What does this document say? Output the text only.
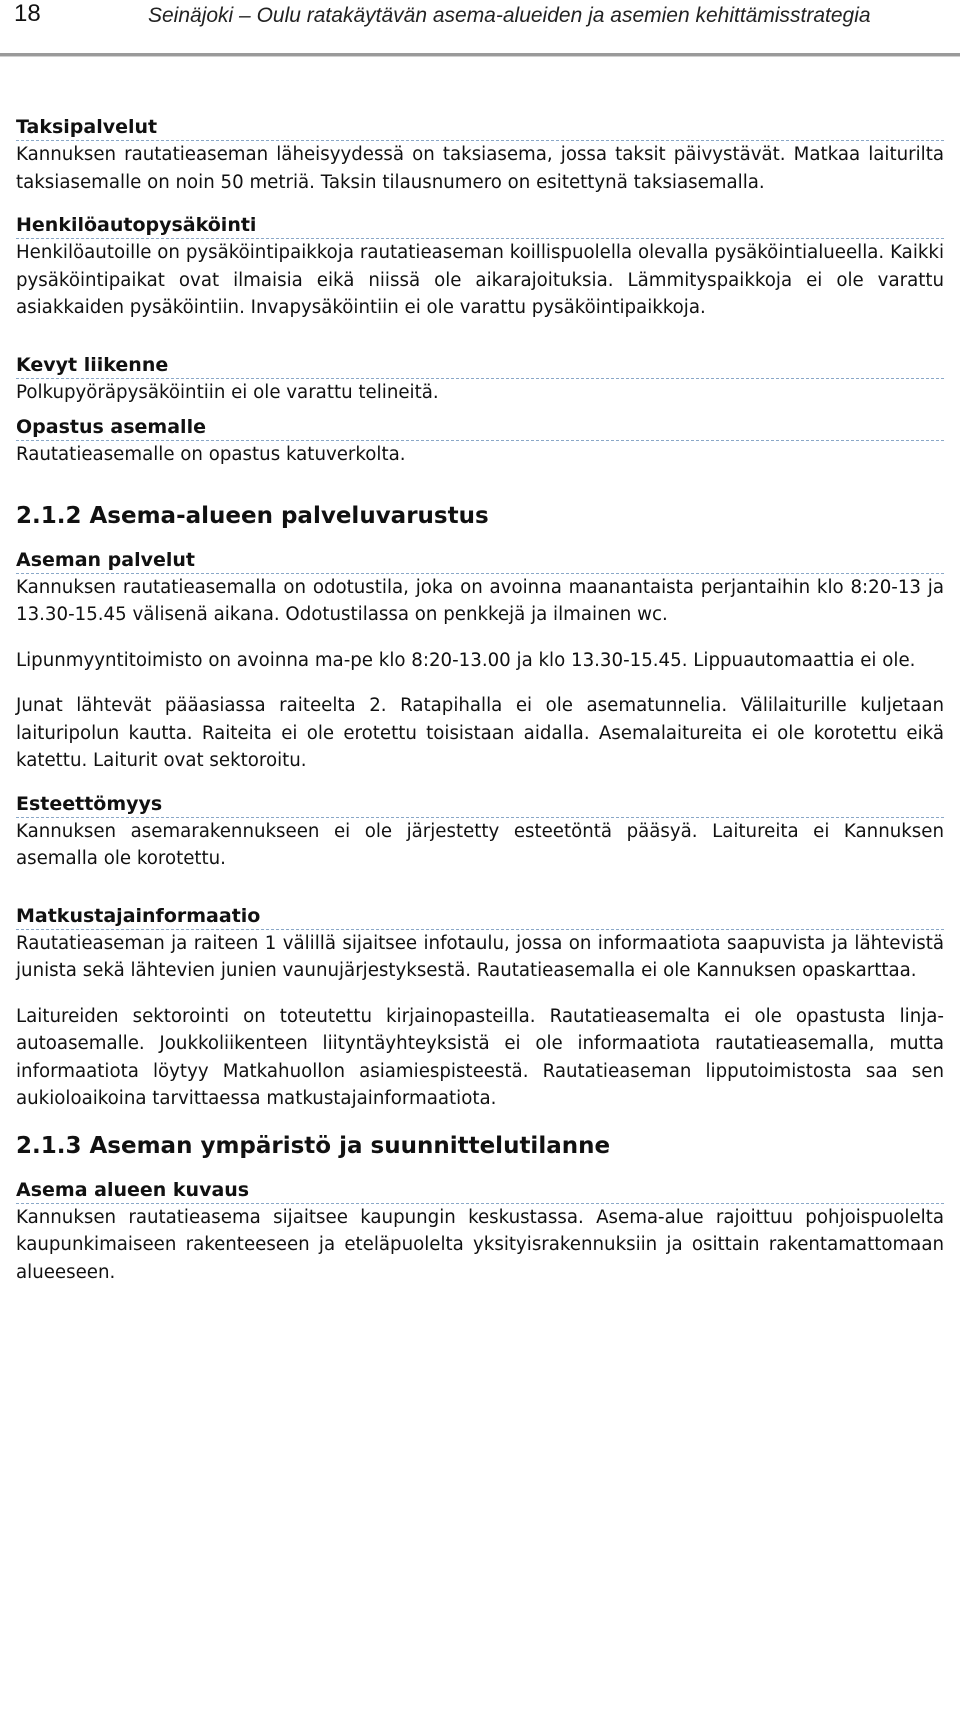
18	Seinäjoki – Oulu ratakäytävän asema-alueiden ja asemien kehittämisstrategia
Taksipalvelut

Kannuksen rautatieaseman läheisyydessä on taksiasema, jossa taksit päivystävät. Matkaa laiturilta taksiasemalle on noin 50 metriä. Taksin tilausnumero on esitettynä taksiasemalla.

Henkilöautopysäköinti

Henkilöautoille on pysäköintipaikkoja rautatieaseman koillispuolella olevalla pysäköintialueella. Kaikki pysäköintipaikat ovat ilmaisia eikä niissä ole aikarajoituksia. Lämmityspaikkoja ei ole varattu asiakkaiden pysäköintiin. Invapysäköintiin ei ole varattu pysäköintipaikkoja.

Kevyt liikenne

Polkupyöräpysäköintiin ei ole varattu telineitä.

Opastus asemalle

Rautatieasemalle on opastus katuverkolta.

2.1.2 Asema-alueen palveluvarustus
Aseman palvelut

Kannuksen rautatieasemalla on odotustila, joka on avoinna maanantaista perjantaihin klo 8:20-13 ja 13.30-15.45 välisenä aikana. Odotustilassa on penkkejä ja ilmainen wc.

Lipunmyyntitoimisto on avoinna ma-pe klo 8:20-13.00 ja klo 13.30-15.45. Lippuautomaattia ei ole.

Junat lähtevät pääasiassa raiteelta 2. Ratapihalla ei ole asematunnelia. Välilaiturille kuljetaan laituripolun kautta. Raiteita ei ole erotettu toisistaan aidalla. Asemalaitureita ei ole korotettu eikä katettu. Laiturit ovat sektoroitu.

Esteettömyys

Kannuksen asemarakennukseen ei ole järjestetty esteetöntä pääsyä. Laitureita ei Kannuksen asemalla ole korotettu.

Matkustajainformaatio

Rautatieaseman ja raiteen 1 välillä sijaitsee infotaulu, jossa on informaatiota saapuvista ja lähtevistä junista sekä lähtevien junien vaunujärjestyksestä. Rautatieasemalla ei ole Kannuksen opaskarttaa.

Laitureiden sektorointi on toteutettu kirjainopasteilla. Rautatieasemalta ei ole opastusta linja-autoasemalle. Joukkoliikenteen liityntäyhteyksistä ei ole informaatiota rautatieasemalla, mutta informaatiota löytyy Matkahuollon asiamiespisteestä. Rautatieaseman lipputoimistosta saa sen aukioloaikoina tarvittaessa matkustajainformaatiota.

2.1.3 Aseman ympäristö ja suunnittelutilanne
Asema alueen kuvaus

Kannuksen rautatieasema sijaitsee kaupungin keskustassa. Asema-alue rajoittuu pohjoispuolelta kaupunkimaiseen rakenteeseen ja eteläpuolelta yksityisrakennuksiin ja osittain rakentamattomaan alueeseen.
